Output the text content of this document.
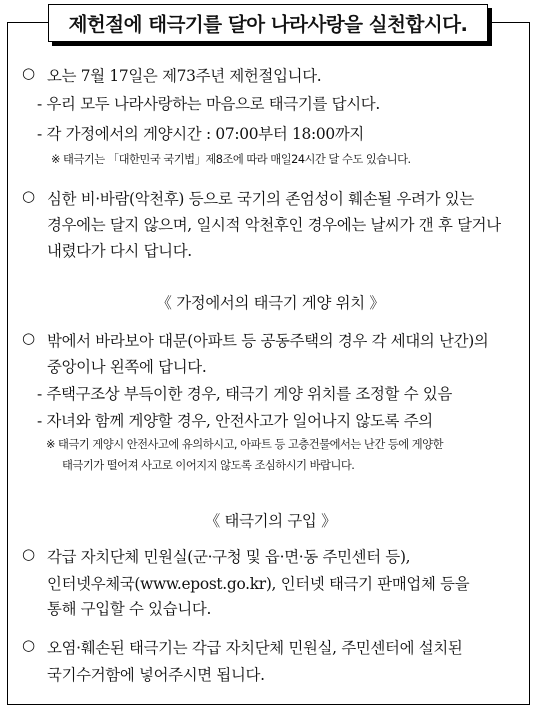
제헌절에 태극기를 달아 나라사랑을 실천합시다.
○ 오는 7월 17일은 제73주년 제헌절입니다.
- 우리 모두 나라사랑하는 마음으로 태극기를 답시다.
- 각 가정에서의 게양시간 : 07:00부터 18:00까지
※ 태극기는 「대한민국 국기법」제8조에 따라 매일24시간 달 수도 있습니다.
○ 심한 비·바람(악천후) 등으로 국기의 존엄성이 훼손될 우려가 있는
경우에는 달지 않으며, 일시적 악천후인 경우에는 날씨가 갠 후 달거나
내렸다가 다시 답니다.
《 가정에서의 태극기 게양 위치 》
○ 밖에서 바라보아 대문(아파트 등 공동주택의 경우 각 세대의 난간)의
중앙이나 왼쪽에 답니다.
- 주택구조상 부득이한 경우, 태극기 게양 위치를 조정할 수 있음
- 자녀와 함께 게양할 경우, 안전사고가 일어나지 않도록 주의
※ 태극기 게양시 안전사고에 유의하시고, 아파트 등 고층건물에서는 난간 등에 게양한
태극기가 떨어져 사고로 이어지지 않도록 조심하시기 바랍니다.
《 태극기의 구입 》
○ 각급 자치단체 민원실(군·구청 및 읍·면·동 주민센터 등),
인터넷우체국(www.epost.go.kr), 인터넷 태극기 판매업체 등을
통해 구입할 수 있습니다.
○ 오염·훼손된 태극기는 각급 자치단체 민원실, 주민센터에 설치된
국기수거함에 넣어주시면 됩니다.
